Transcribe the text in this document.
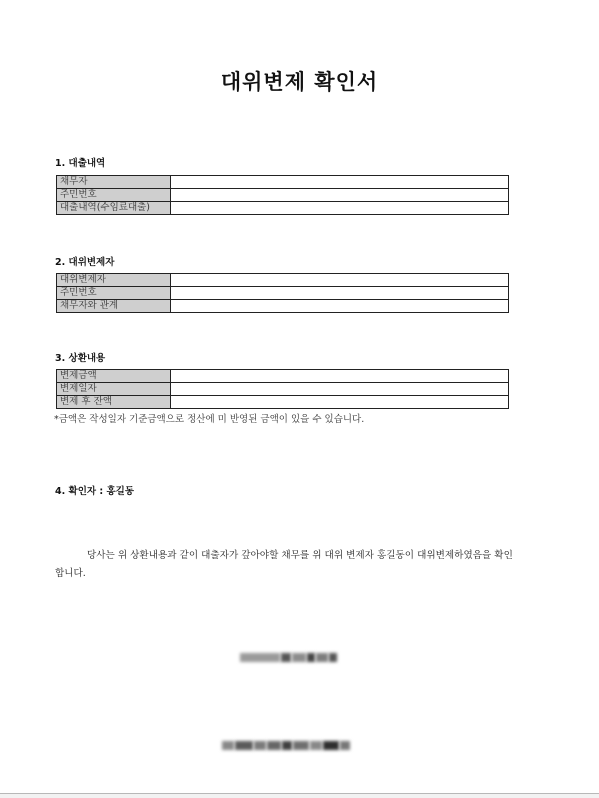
대위변제 확인서
1. 대출내역
채무자	
주민번호	
대출내역(수임료대출)	
2. 대위변제자
대위변제자	
주민번호	
채무자와 관계	
3. 상환내용
변제금액	
변제일자	
변제 후 잔액	
*금액은 작성일자 기준금액으로 정산에 미 반영된 금액이 있을 수 있습니다.
4. 확인자 : 홍길동
당사는 위 상환내용과 같이 대출자가 갚아야할 채무를 위 대위 변제자 홍길동이 대위변제하였음을 확인 합니다.
